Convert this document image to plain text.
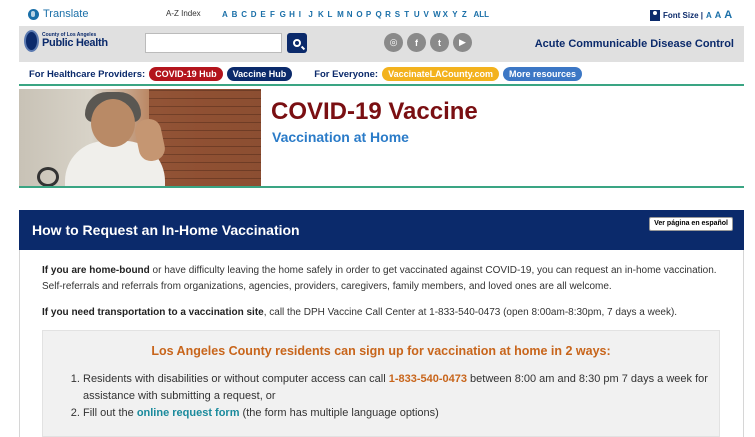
Translate	A-Z Index	A B C D E F G H I J K L M N O P Q R S T U V W X Y Z ALL	Font Size | A A A
County of Los Angeles
Public Health	◎	f	t	▶	Acute Communicable Disease Control
For Healthcare Providers:	COVID-19 Hub	Vaccine Hub	For Everyone:	VaccinateLACounty.com	More resources
COVID-19 Vaccine
Vaccination at Home
How to Request an In-Home Vaccination	Ver página en español
If you are home-bound or have difficulty leaving the home safely in order to get vaccinated against COVID-19, you can request an in-home vaccination. Self-referrals and referrals from organizations, agencies, providers, caregivers, family members, and loved ones are all welcome.
If you need transportation to a vaccination site, call the DPH Vaccine Call Center at 1-833-540-0473 (open 8:00am-8:30pm, 7 days a week).
Los Angeles County residents can sign up for vaccination at home in 2 ways:
1. Residents with disabilities or without computer access can call 1-833-540-0473 between 8:00 am and 8:30 pm 7 days a week for assistance with submitting a request, or
2. Fill out the online request form (the form has multiple language options)
